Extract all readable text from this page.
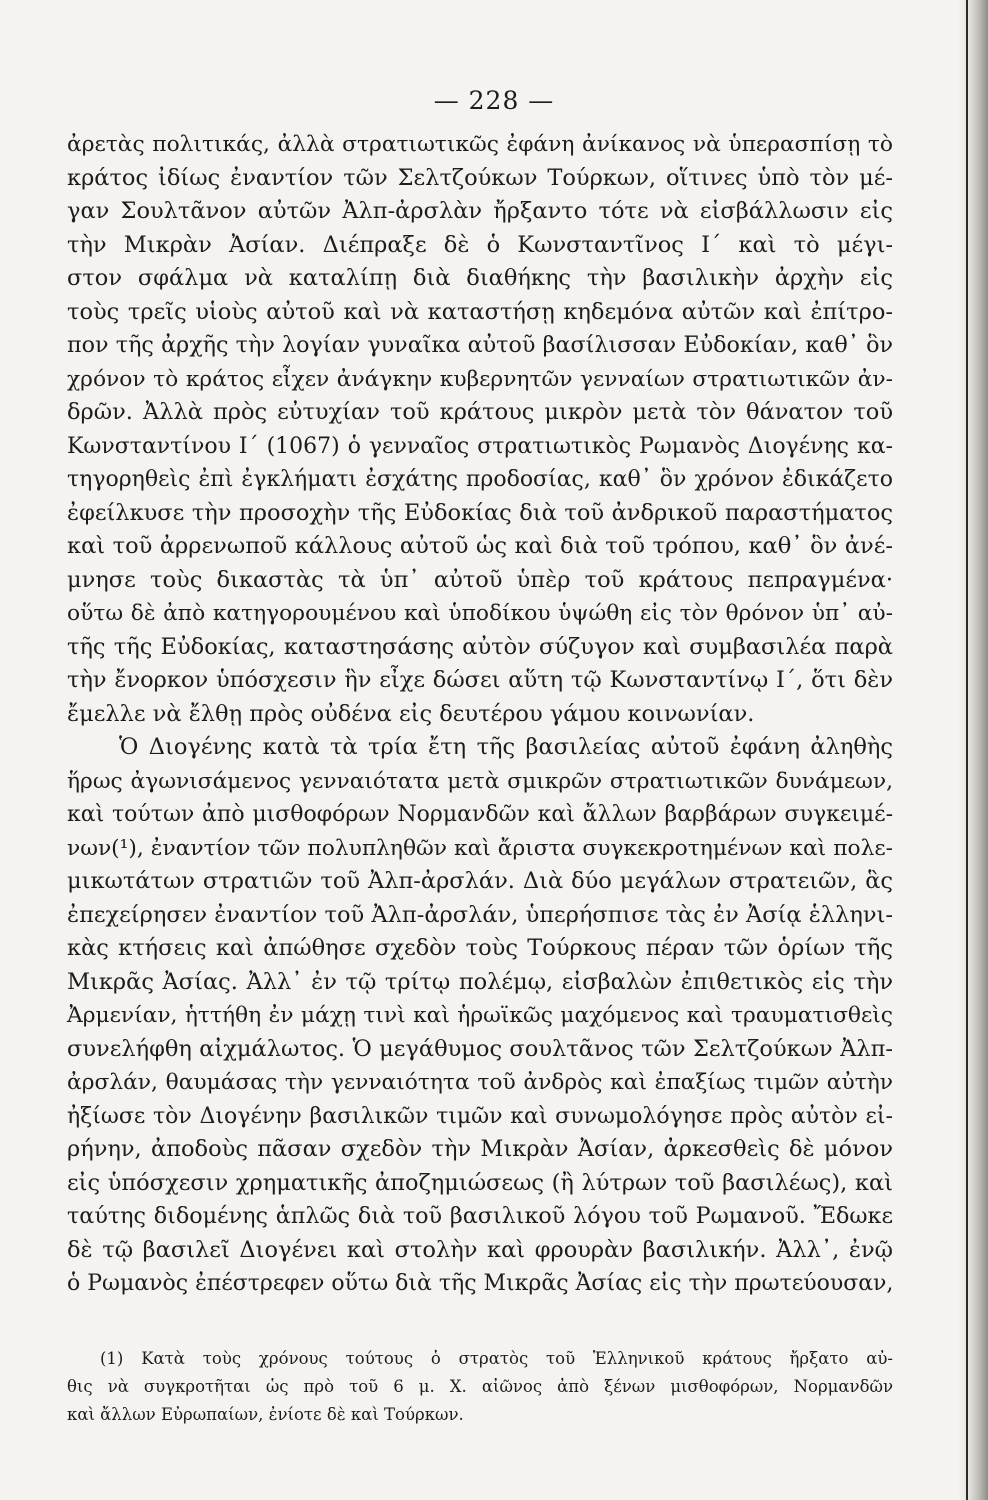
— 228 —
ἀρετὰς πολιτικάς, ἀλλὰ στρατιωτικῶς ἐφάνη ἀνίκανος νὰ ὑπερασπίσῃ τὸ
κράτος ἰδίως ἐναντίον τῶν Σελτζούκων Τούρκων, οἵτινες ὑπὸ τὸν μέ-
γαν Σουλτᾶνον αὐτῶν Ἀλπ-ἀρσλὰν ἤρξαντο τότε νὰ εἰσβάλλωσιν εἰς
τὴν Μικρὰν Ἀσίαν. Διέπραξε δὲ ὁ Κωνσταντῖνος Ι΄ καὶ τὸ μέγι-
στον σφάλμα νὰ καταλίπῃ διὰ διαθήκης τὴν βασιλικὴν ἀρχὴν εἰς
τοὺς τρεῖς υἱοὺς αὐτοῦ καὶ νὰ καταστήσῃ κηδεμόνα αὐτῶν καὶ ἐπίτρο-
πον τῆς ἀρχῆς τὴν λογίαν γυναῖκα αὐτοῦ βασίλισσαν Εὐδοκίαν, καθ᾽ ὃν
χρόνον τὸ κράτος εἶχεν ἀνάγκην κυβερνητῶν γενναίων στρατιωτικῶν ἀν-
δρῶν. Ἀλλὰ πρὸς εὐτυχίαν τοῦ κράτους μικρὸν μετὰ τὸν θάνατον τοῦ
Κωνσταντίνου Ι΄ (1067) ὁ γενναῖος στρατιωτικὸς Ρωμανὸς Διογένης κα-
τηγορηθεὶς ἐπὶ ἐγκλήματι ἐσχάτης προδοσίας, καθ᾽ ὃν χρόνον ἐδικάζετο
ἐφείλκυσε τὴν προσοχὴν τῆς Εὐδοκίας διὰ τοῦ ἀνδρικοῦ παραστήματος
καὶ τοῦ ἀρρενωποῦ κάλλους αὐτοῦ ὡς καὶ διὰ τοῦ τρόπου, καθ᾽ ὃν ἀνέ-
μνησε τοὺς δικαστὰς τὰ ὑπ᾽ αὐτοῦ ὑπὲρ τοῦ κράτους πεπραγμένα·
οὕτω δὲ ἀπὸ κατηγορουμένου καὶ ὑποδίκου ὑψώθη εἰς τὸν θρόνον ὑπ᾽ αὐ-
τῆς τῆς Εὐδοκίας, καταστησάσης αὐτὸν σύζυγον καὶ συμβασιλέα παρὰ
τὴν ἔνορκον ὑπόσχεσιν ἣν εἶχε δώσει αὕτη τῷ Κωνσταντίνῳ Ι΄, ὅτι δὲν
ἔμελλε νὰ ἔλθῃ πρὸς οὐδένα εἰς δευτέρου γάμου κοινωνίαν.
Ὁ Διογένης κατὰ τὰ τρία ἔτη τῆς βασιλείας αὐτοῦ ἐφάνη ἀληθὴς
ἥρως ἀγωνισάμενος γενναιότατα μετὰ σμικρῶν στρατιωτικῶν δυνάμεων,
καὶ τούτων ἀπὸ μισθοφόρων Νορμανδῶν καὶ ἄλλων βαρβάρων συγκειμέ-
νων(¹), ἐναντίον τῶν πολυπληθῶν καὶ ἄριστα συγκεκροτημένων καὶ πολε-
μικωτάτων στρατιῶν τοῦ Ἀλπ-ἀρσλάν. Διὰ δύο μεγάλων στρατειῶν, ἃς
ἐπεχείρησεν ἐναντίον τοῦ Ἀλπ-ἀρσλάν, ὑπερήσπισε τὰς ἐν Ἀσίᾳ ἑλληνι-
κὰς κτήσεις καὶ ἀπώθησε σχεδὸν τοὺς Τούρκους πέραν τῶν ὁρίων τῆς
Μικρᾶς Ἀσίας. Ἀλλ᾽ ἐν τῷ τρίτῳ πολέμῳ, εἰσβαλὼν ἐπιθετικὸς εἰς τὴν
Ἀρμενίαν, ἡττήθη ἐν μάχῃ τινὶ καὶ ἡρωϊκῶς μαχόμενος καὶ τραυματισθεὶς
συνελήφθη αἰχμάλωτος. Ὁ μεγάθυμος σουλτᾶνος τῶν Σελτζούκων Ἀλπ-
ἀρσλάν, θαυμάσας τὴν γενναιότητα τοῦ ἀνδρὸς καὶ ἐπαξίως τιμῶν αὐτὴν
ἠξίωσε τὸν Διογένην βασιλικῶν τιμῶν καὶ συνωμολόγησε πρὸς αὐτὸν εἰ-
ρήνην, ἀποδοὺς πᾶσαν σχεδὸν τὴν Μικρὰν Ἀσίαν, ἀρκεσθεὶς δὲ μόνον
εἰς ὑπόσχεσιν χρηματικῆς ἀποζημιώσεως (ἢ λύτρων τοῦ βασιλέως), καὶ
ταύτης διδομένης ἁπλῶς διὰ τοῦ βασιλικοῦ λόγου τοῦ Ρωμανοῦ. Ἔδωκε
δὲ τῷ βασιλεῖ Διογένει καὶ στολὴν καὶ φρουρὰν βασιλικήν. Ἀλλ᾽, ἐνῷ
ὁ Ρωμανὸς ἐπέστρεφεν οὕτω διὰ τῆς Μικρᾶς Ἀσίας εἰς τὴν πρωτεύουσαν,
(1) Κατὰ τοὺς χρόνους τούτους ὁ στρατὸς τοῦ Ἑλληνικοῦ κράτους ἤρξατο αὐ-
θις νὰ συγκροτῆται ὡς πρὸ τοῦ 6 μ. Χ. αἰῶνος ἀπὸ ξένων μισθοφόρων, Νορμανδῶν
καὶ ἄλλων Εὐρωπαίων, ἐνίοτε δὲ καὶ Τούρκων.
